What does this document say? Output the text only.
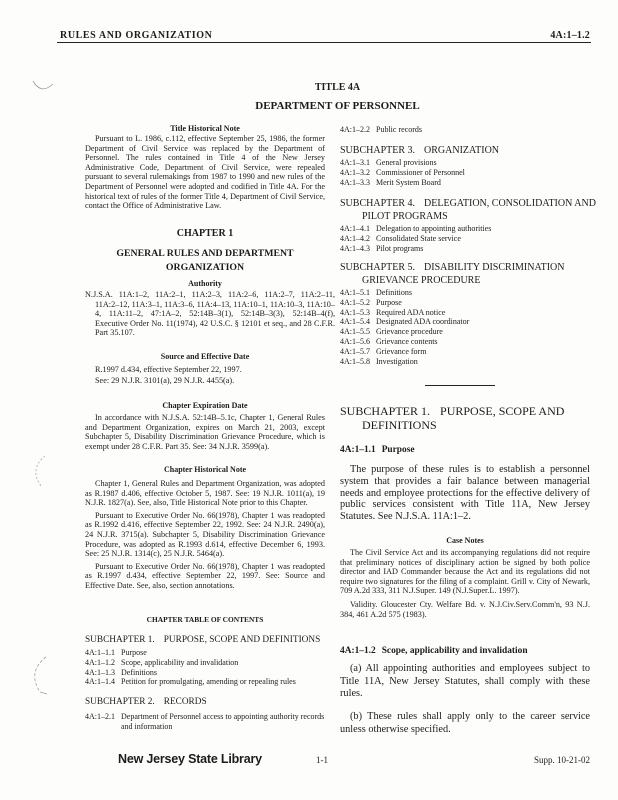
RULES AND ORGANIZATION	4A:1–1.2
TITLE 4A
DEPARTMENT OF PERSONNEL
Title Historical Note

Pursuant to L. 1986, c.112, effective September 25, 1986, the former Department of Civil Service was replaced by the Department of Personnel. The rules contained in Title 4 of the New Jersey Administrative Code, Department of Civil Service, were repealed pursuant to several rulemakings from 1987 to 1990 and new rules of the Department of Personnel were adopted and codified in Title 4A. For the historical text of rules of the former Title 4, Department of Civil Service, contact the Office of Administrative Law.

CHAPTER 1
GENERAL RULES AND DEPARTMENT ORGANIZATION
Authority
N.J.S.A. 11A:1–2, 11A:2–1, 11A:2–3, 11A:2–6, 11A:2–7, 11A:2–11, 11A:2–12, 11A:3–1, 11A:3–6, 11A:4–13, 11A:10–1, 11A:10–3, 11A:10–4, 11A:11–2, 47:1A–2, 52:14B–3(1), 52:14B–3(3), 52:14B–4(f), Executive Order No. 11(1974), 42 U.S.C. § 12101 et seq., and 28 C.F.R. Part 35.107.
Source and Effective Date
R.1997 d.434, effective September 22, 1997.
See: 29 N.J.R. 3101(a), 29 N.J.R. 4455(a).
Chapter Expiration Date

In accordance with N.J.S.A. 52:14B–5.1c, Chapter 1, General Rules and Department Organization, expires on March 21, 2003, except Subchapter 5, Disability Discrimination Grievance Procedure, which is exempt under 28 C.F.R. Part 35. See: 34 N.J.R. 3599(a).

Chapter Historical Note

Chapter 1, General Rules and Department Organization, was adopted as R.1987 d.406, effective October 5, 1987. See: 19 N.J.R. 1011(a), 19 N.J.R. 1827(a). See, also, Title Historical Note prior to this Chapter.

Pursuant to Executive Order No. 66(1978), Chapter 1 was readopted as R.1992 d.416, effective September 22, 1992. See: 24 N.J.R. 2490(a), 24 N.J.R. 3715(a). Subchapter 5, Disability Discrimination Grievance Procedure, was adopted as R.1993 d.614, effective December 6, 1993. See: 25 N.J.R. 1314(c), 25 N.J.R. 5464(a).

Pursuant to Executive Order No. 66(1978), Chapter 1 was readopted as R.1997 d.434, effective September 22, 1997. See: Source and Effective Date. See, also, section annotations.

CHAPTER TABLE OF CONTENTS
SUBCHAPTER 1. PURPOSE, SCOPE AND DEFINITIONS
4A:1–1.1 Purpose
4A:1–1.2 Scope, applicability and invalidation
4A:1–1.3 Definitions
4A:1–1.4 Petition for promulgating, amending or repealing rules
SUBCHAPTER 2. RECORDS
4A:1–2.1 Department of Personnel access to appointing authority records and information
4A:1–2.2 Public records
SUBCHAPTER 3. ORGANIZATION
4A:1–3.1 General provisions
4A:1–3.2 Commissioner of Personnel
4A:1–3.3 Merit System Board
SUBCHAPTER 4. DELEGATION, CONSOLIDATION AND PILOT PROGRAMS
4A:1–4.1 Delegation to appointing authorities
4A:1–4.2 Consolidated State service
4A:1–4.3 Pilot programs
SUBCHAPTER 5. DISABILITY DISCRIMINATION GRIEVANCE PROCEDURE
4A:1–5.1 Definitions
4A:1–5.2 Purpose
4A:1–5.3 Required ADA notice
4A:1–5.4 Designated ADA coordinator
4A:1–5.5 Grievance procedure
4A:1–5.6 Grievance contents
4A:1–5.7 Grievance form
4A:1–5.8 Investigation
SUBCHAPTER 1. PURPOSE, SCOPE AND DEFINITIONS
4A:1–1.1 Purpose

The purpose of these rules is to establish a personnel system that provides a fair balance between managerial needs and employee protections for the effective delivery of public services consistent with Title 11A, New Jersey Statutes. See N.J.S.A. 11A:1–2.

Case Notes

The Civil Service Act and its accompanying regulations did not require that preliminary notices of disciplinary action be signed by both police director and IAD Commander because the Act and its regulations did not require two signatures for the filing of a complaint. Grill v. City of Newark, 709 A.2d 333, 311 N.J.Super. 149 (N.J.Super.L. 1997).

Validity. Gloucester Cty. Welfare Bd. v. N.J.Civ.Serv.Comm'n, 93 N.J. 384, 461 A.2d 575 (1983).

4A:1–1.2 Scope, applicability and invalidation

(a) All appointing authorities and employees subject to Title 11A, New Jersey Statutes, shall comply with these rules.

(b) These rules shall apply only to the career service unless otherwise specified.

New Jersey State Library	1-1	Supp. 10-21-02
